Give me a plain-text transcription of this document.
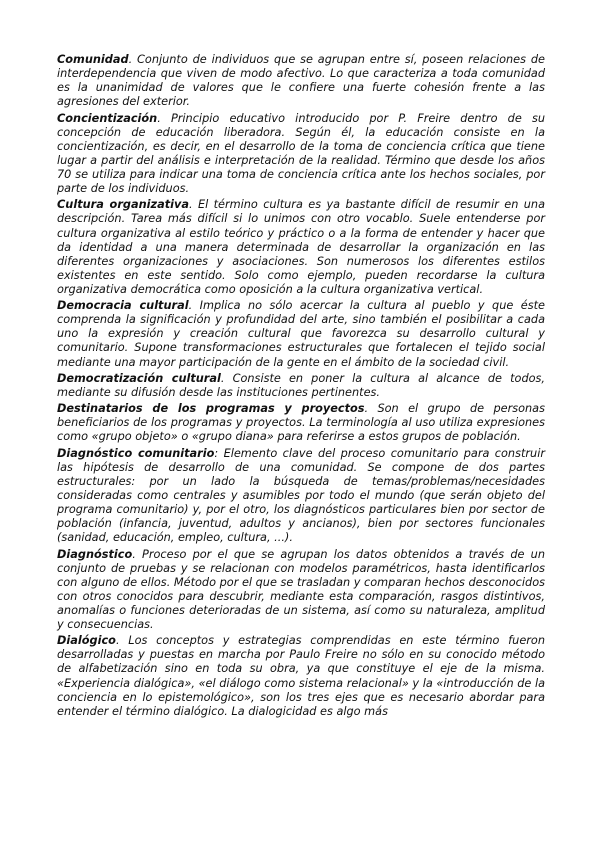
Comunidad. Conjunto de individuos que se agrupan entre sí, poseen relaciones de interdependencia que viven de modo afectivo. Lo que caracteriza a toda comunidad es la unanimidad de valores que le confiere una fuerte cohesión frente a las agresiones del exterior.

Concientización. Principio educativo introducido por P. Freire dentro de su concepción de educación liberadora. Según él, la educación consiste en la concientización, es decir, en el desarrollo de la toma de conciencia crítica que tiene lugar a partir del análisis e interpretación de la realidad. Término que desde los años 70 se utiliza para indicar una toma de conciencia crítica ante los hechos sociales, por parte de los individuos.

Cultura organizativa. El término cultura es ya bastante difícil de resumir en una descripción. Tarea más difícil si lo unimos con otro vocablo. Suele entenderse por cultura organizativa al estilo teórico y práctico o a la forma de entender y hacer que da identidad a una manera determinada de desarrollar la organización en las diferentes organizaciones y asociaciones. Son numerosos los diferentes estilos existentes en este sentido. Solo como ejemplo, pueden recordarse la cultura organizativa democrática como oposición a la cultura organizativa vertical.

Democracia cultural. Implica no sólo acercar la cultura al pueblo y que éste comprenda la significación y profundidad del arte, sino también el posibilitar a cada uno la expresión y creación cultural que favorezca su desarrollo cultural y comunitario. Supone transformaciones estructurales que fortalecen el tejido social mediante una mayor participación de la gente en el ámbito de la sociedad civil.

Democratización cultural. Consiste en poner la cultura al alcance de todos, mediante su difusión desde las instituciones pertinentes.

Destinatarios de los programas y proyectos. Son el grupo de personas beneficiarios de los programas y proyectos. La terminología al uso utiliza expresiones como «grupo objeto» o «grupo diana» para referirse a estos grupos de población.

Diagnóstico comunitario: Elemento clave del proceso comunitario para construir las hipótesis de desarrollo de una comunidad. Se compone de dos partes estructurales: por un lado la búsqueda de temas/problemas/necesidades consideradas como centrales y asumibles por todo el mundo (que serán objeto del programa comunitario) y, por el otro, los diagnósticos particulares bien por sector de población (infancia, juventud, adultos y ancianos), bien por sectores funcionales (sanidad, educación, empleo, cultura, ...).

Diagnóstico. Proceso por el que se agrupan los datos obtenidos a través de un conjunto de pruebas y se relacionan con modelos paramétricos, hasta identificarlos con alguno de ellos. Método por el que se trasladan y comparan hechos desconocidos con otros conocidos para descubrir, mediante esta comparación, rasgos distintivos, anomalías o funciones deterioradas de un sistema, así como su naturaleza, amplitud y consecuencias.

Dialógico. Los conceptos y estrategias comprendidas en este término fueron desarrolladas y puestas en marcha por Paulo Freire no sólo en su conocido método de alfabetización sino en toda su obra, ya que constituye el eje de la misma. «Experiencia dialógica», «el diálogo como sistema relacional» y la «introducción de la conciencia en lo epistemológico», son los tres ejes que es necesario abordar para entender el término dialógico. La dialogicidad es algo más
